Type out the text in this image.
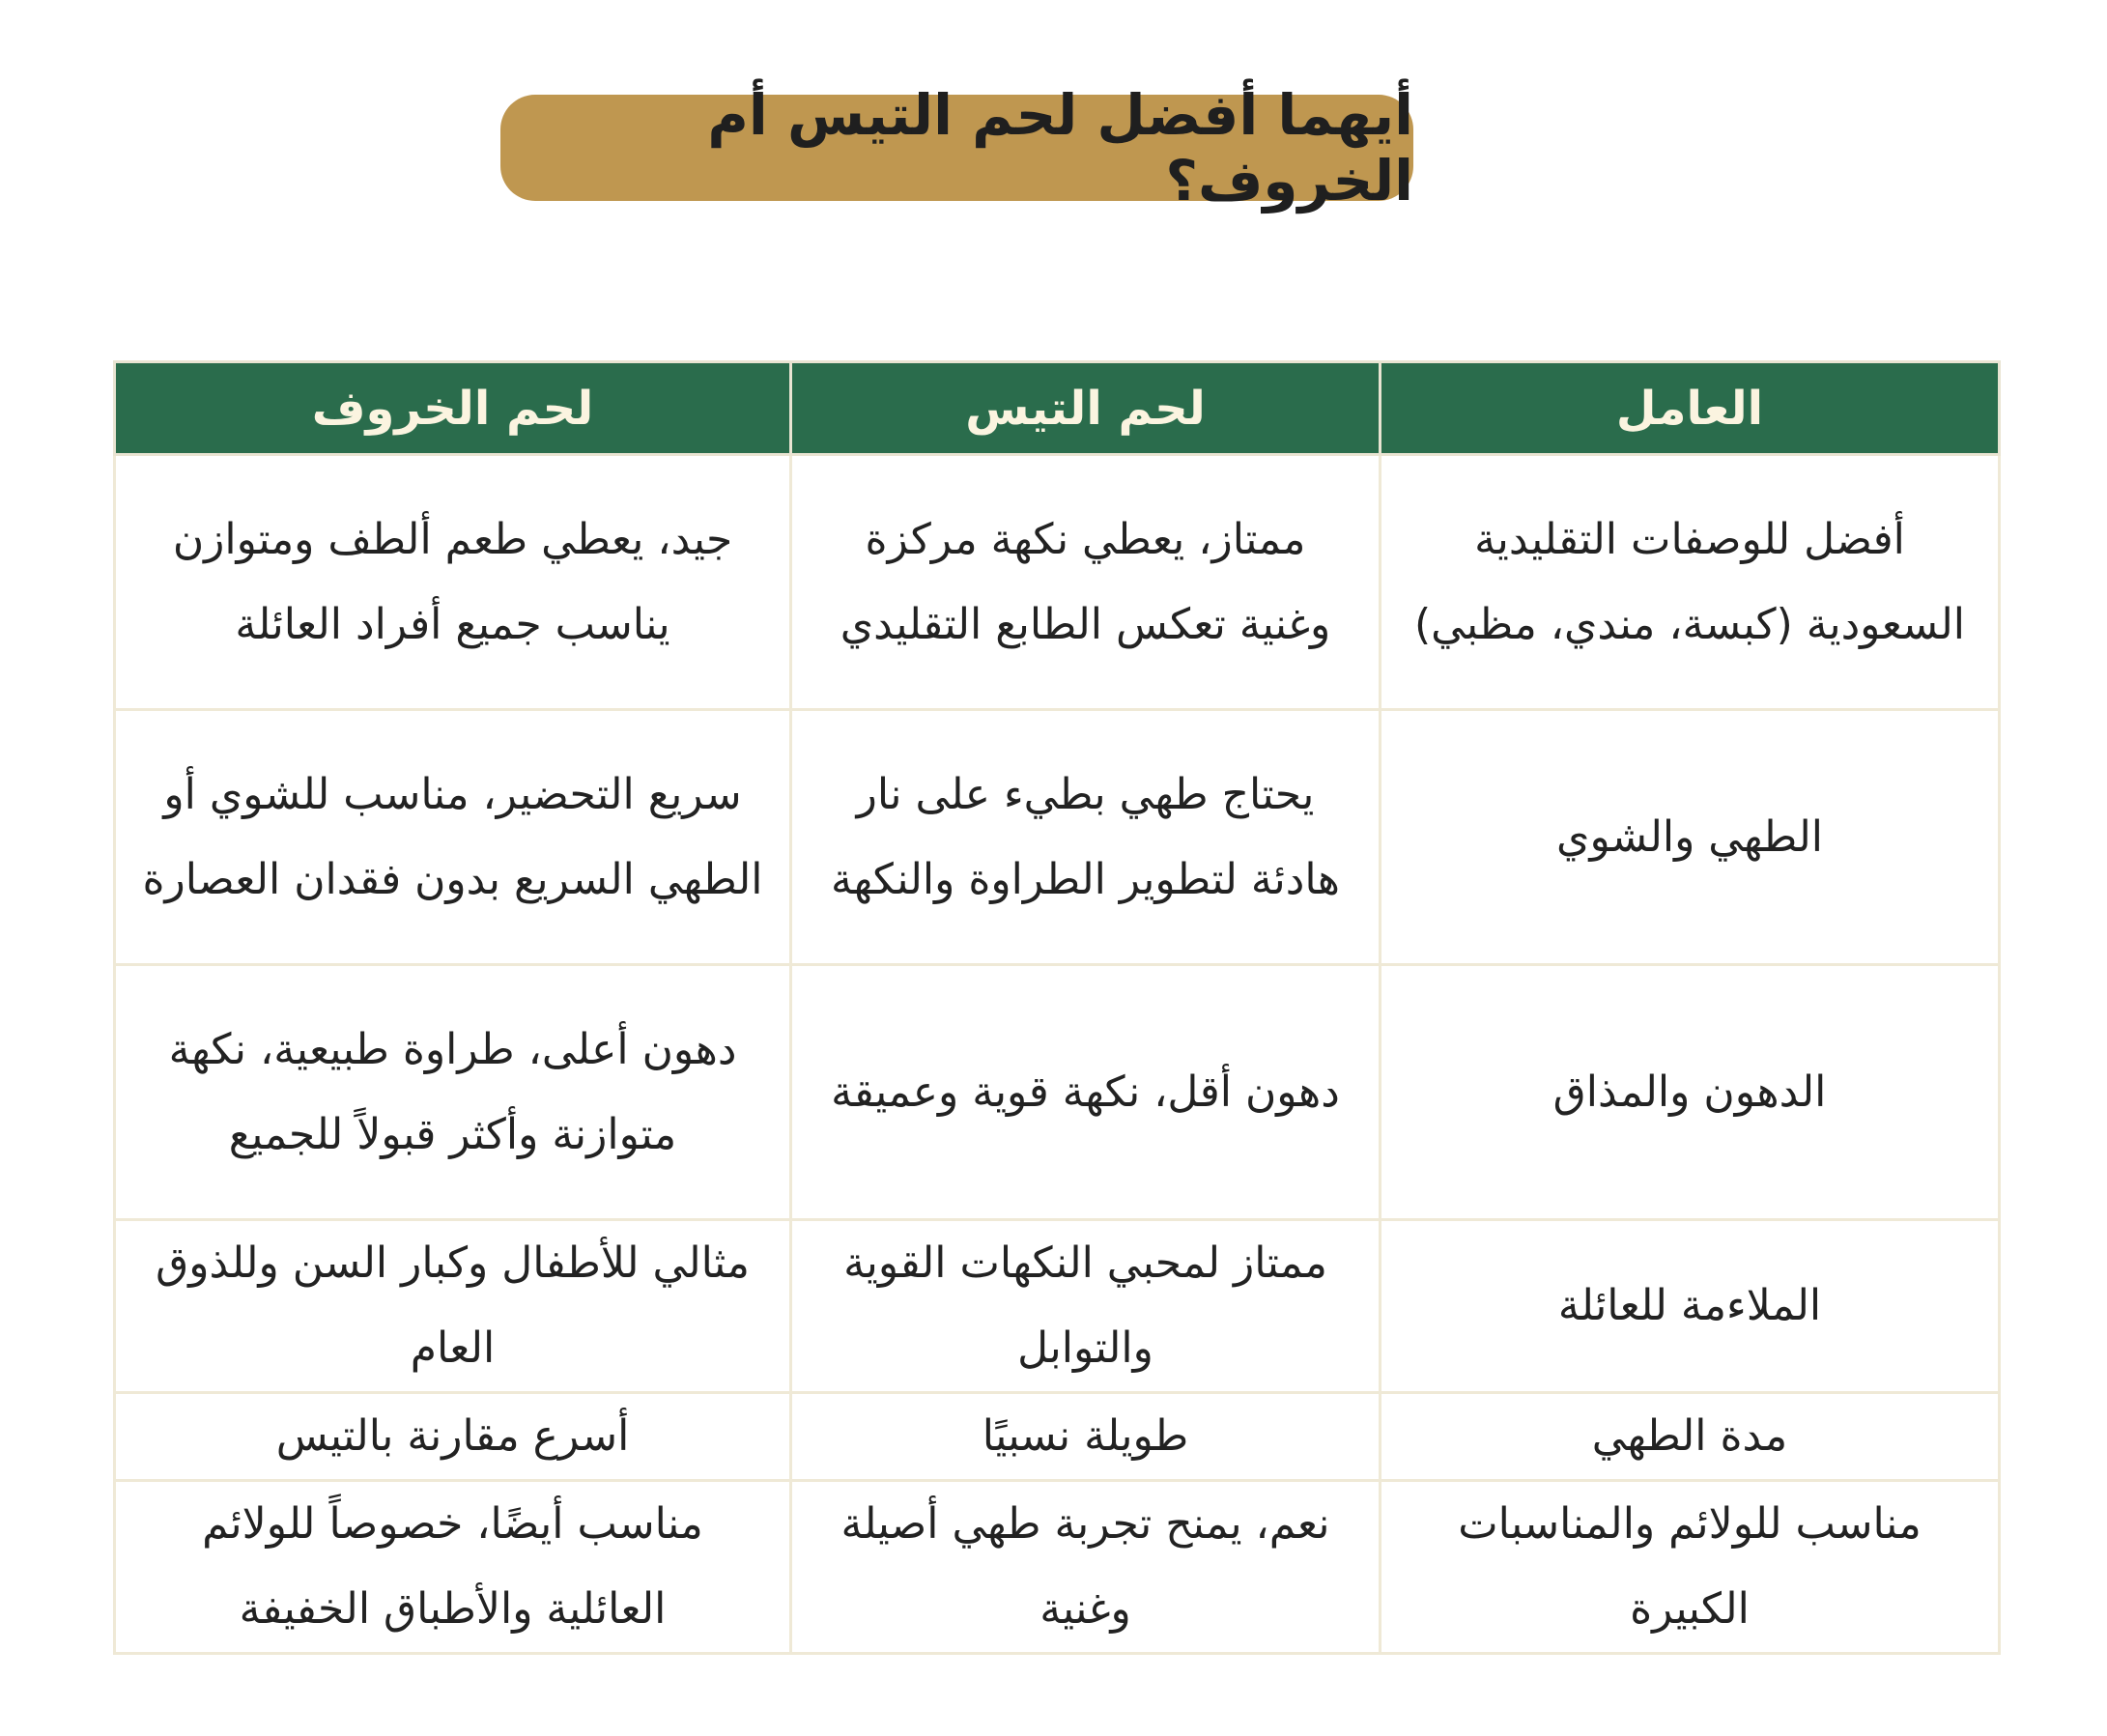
أيهما أفضل لحم التيس أم الخروف؟
العامل	لحم التيس	لحم الخروف
أفضل للوصفات التقليدية السعودية (كبسة، مندي، مظبي)	ممتاز، يعطي نكهة مركزة وغنية تعكس الطابع التقليدي	جيد، يعطي طعم ألطف ومتوازن يناسب جميع أفراد العائلة
الطهي والشوي	يحتاج طهي بطيء على نار هادئة لتطوير الطراوة والنكهة	سريع التحضير، مناسب للشوي أو الطهي السريع بدون فقدان العصارة
الدهون والمذاق	دهون أقل، نكهة قوية وعميقة	دهون أعلى، طراوة طبيعية، نكهة متوازنة وأكثر قبولاً للجميع
الملاءمة للعائلة	ممتاز لمحبي النكهات القوية والتوابل	مثالي للأطفال وكبار السن وللذوق العام
مدة الطهي	طويلة نسبيًا	أسرع مقارنة بالتيس
مناسب للولائم والمناسبات الكبيرة	نعم، يمنح تجربة طهي أصيلة وغنية	مناسب أيضًا، خصوصاً للولائم العائلية والأطباق الخفيفة
